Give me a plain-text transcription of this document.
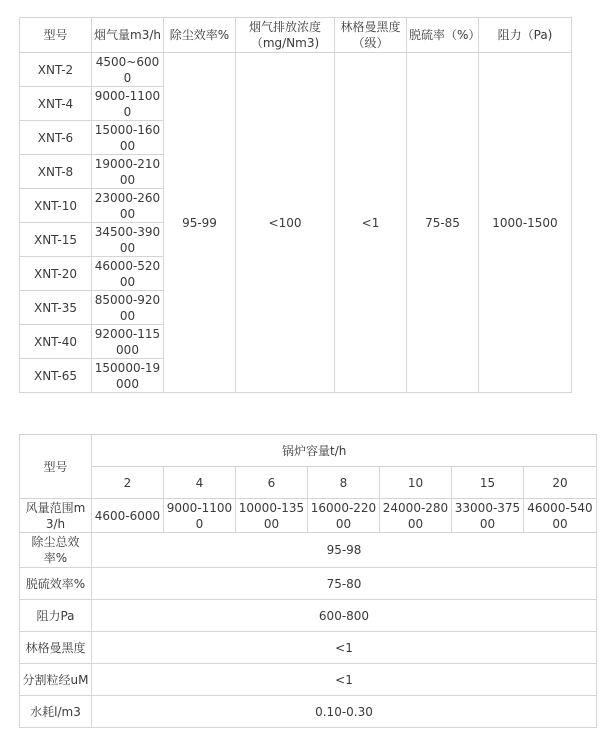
型号	烟气量m3/h	除尘效率%	烟气排放浓度（mg/Nm3)	林格曼黑度（级）	脱硫率（%）	阻力（Pa)
XNT-2	4500~6000	95-99	<100	<1	75-85	1000-1500
XNT-4	9000-11000					
XNT-6	15000-16000					
XNT-8	19000-21000					
XNT-10	23000-26000					
XNT-15	34500-39000					
XNT-20	46000-52000					
XNT-35	85000-92000					
XNT-40	92000-115000					
XNT-65	150000-19000					
型号	锅炉容量t/h						
	2	4	6	8	10	15	20
风量范围m3/h	4600-6000	9000-11000	10000-13500	16000-22000	24000-28000	33000-37500	46000-54000
除尘总效率%	95-98						
脱硫效率%	75-80						
阻力Pa	600-800						
林格曼黑度	<1						
分割粒经uM	<1						
水耗l/m3	0.10-0.30						
